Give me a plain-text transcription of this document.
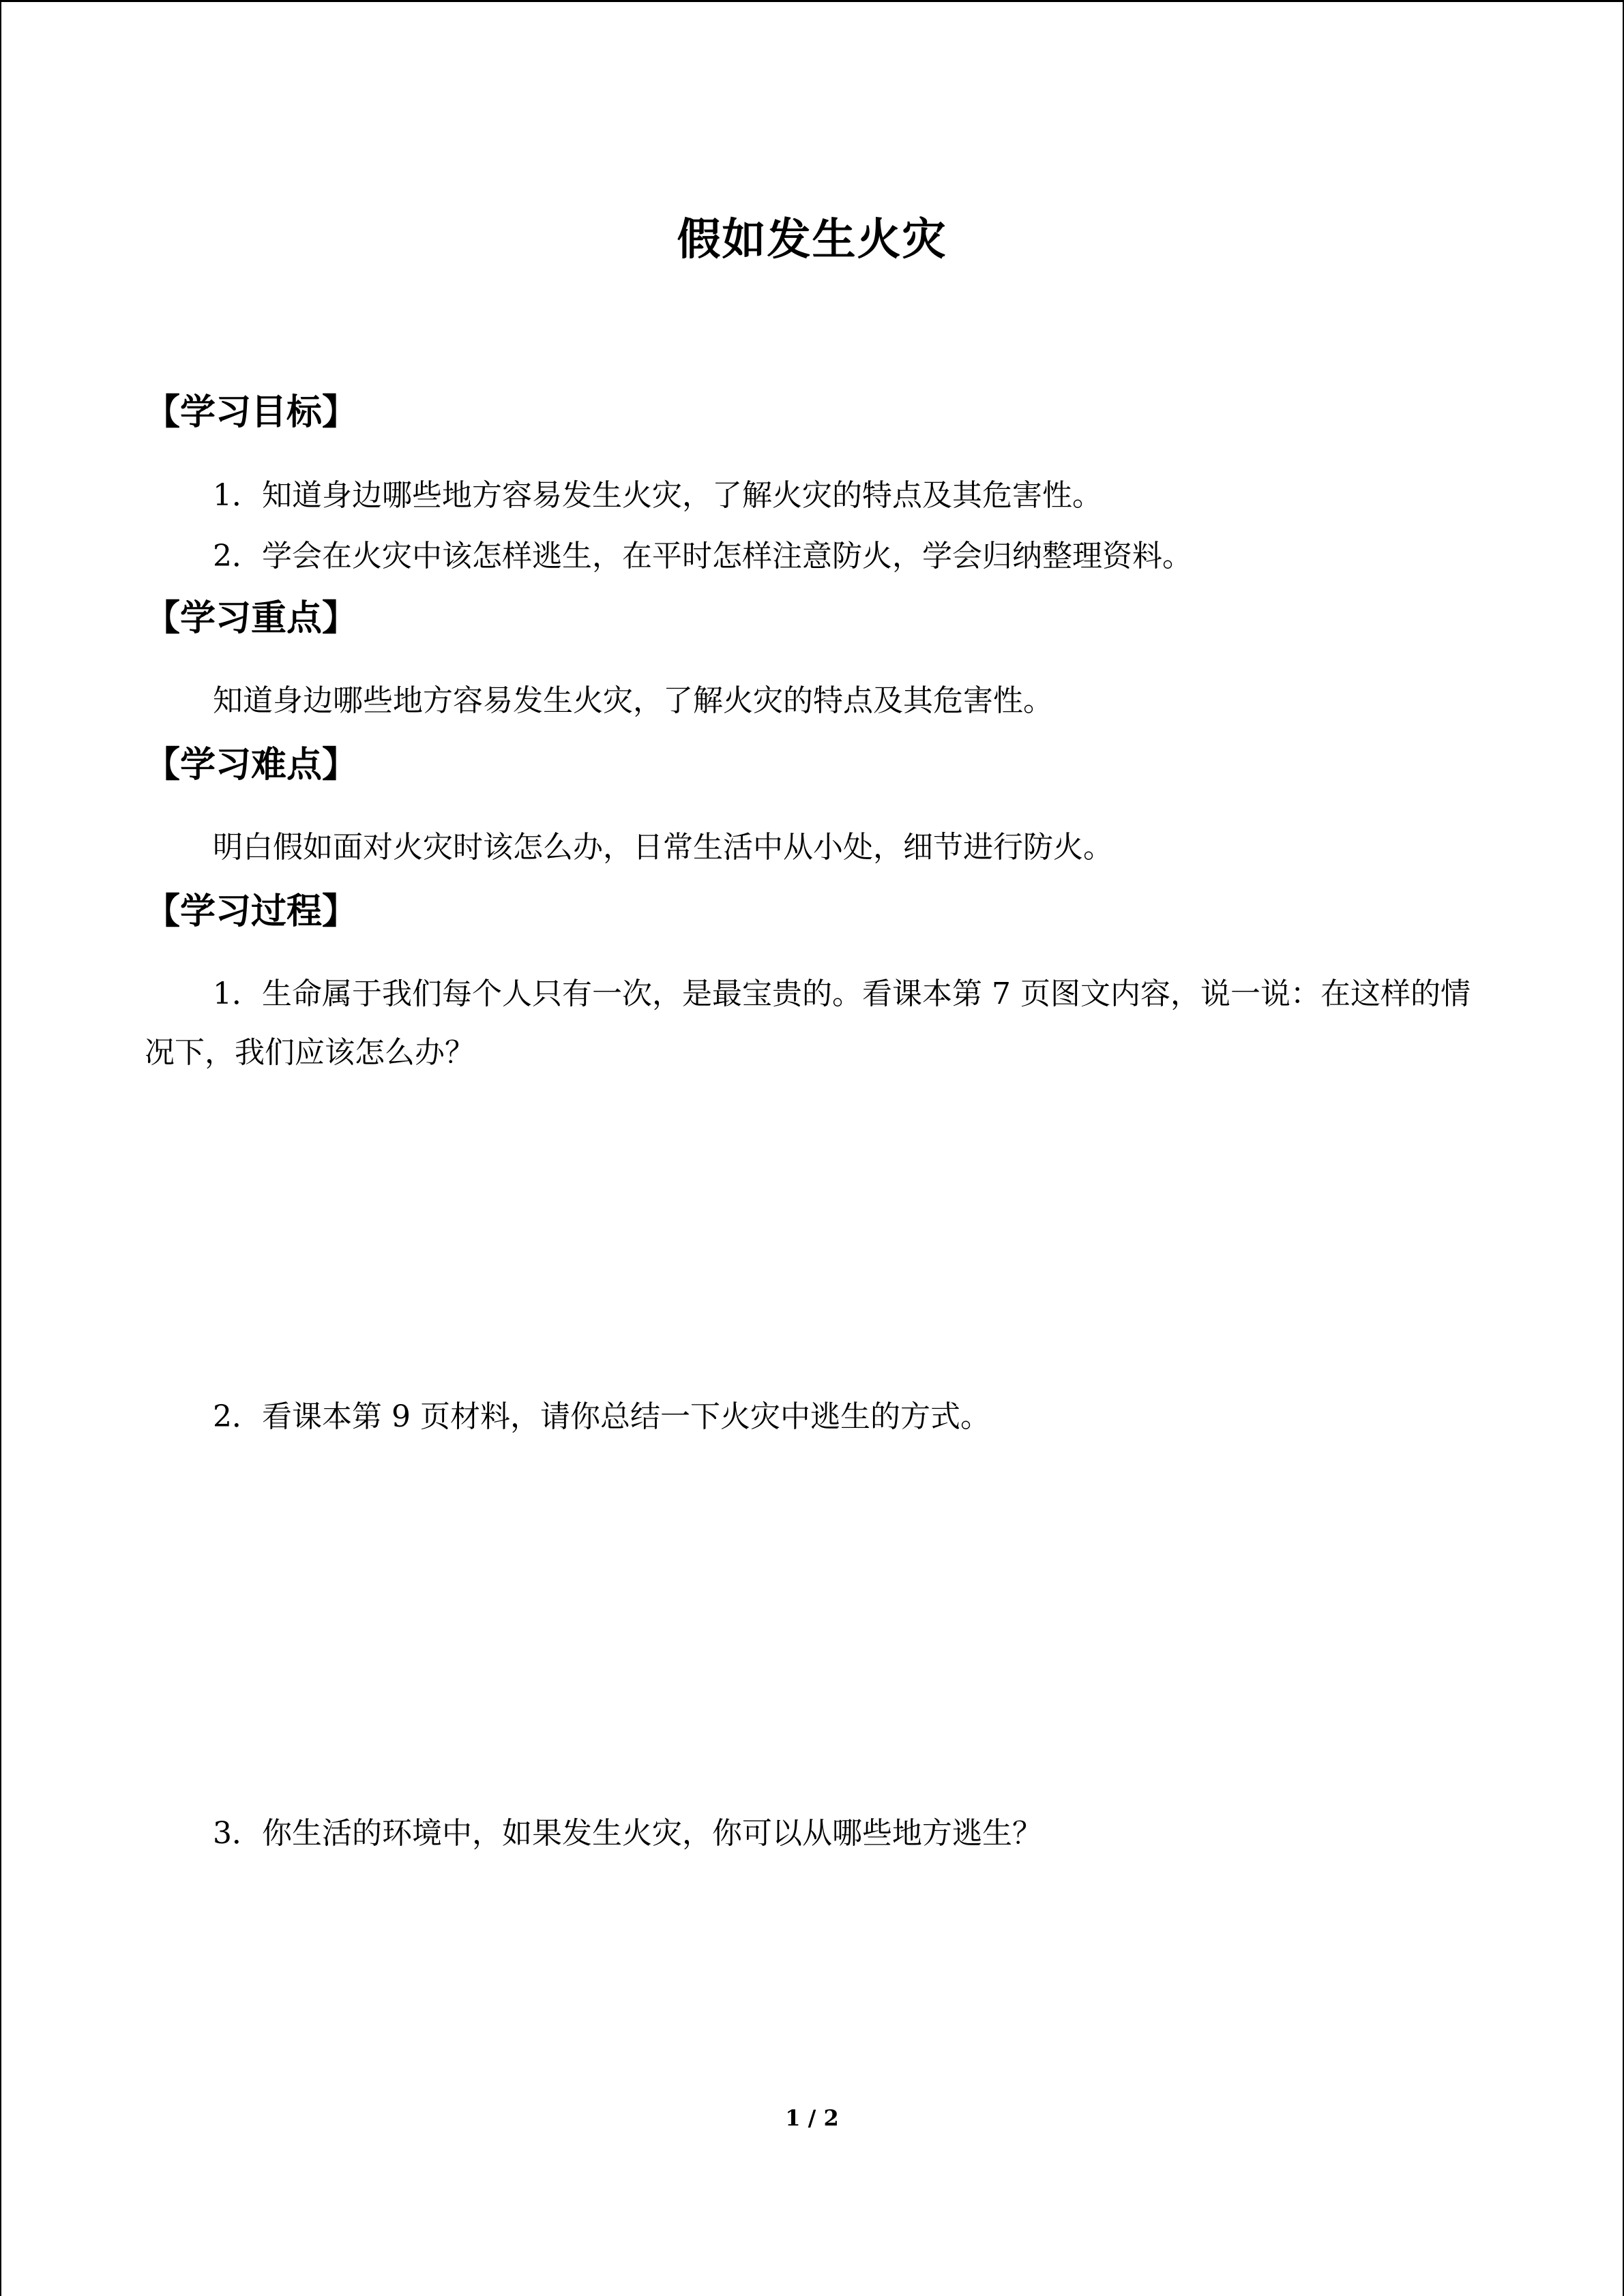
假如发生火灾
【学习目标】
1．知道身边哪些地方容易发生火灾，了解火灾的特点及其危害性。
2．学会在火灾中该怎样逃生，在平时怎样注意防火，学会归纳整理资料。
【学习重点】
知道身边哪些地方容易发生火灾，了解火灾的特点及其危害性。
【学习难点】
明白假如面对火灾时该怎么办，日常生活中从小处，细节进行防火。
【学习过程】
1．生命属于我们每个人只有一次，是最宝贵的。看课本第 7 页图文内容，说一说：在这样的情况下，我们应该怎么办？
2．看课本第 9 页材料，请你总结一下火灾中逃生的方式。
3．你生活的环境中，如果发生火灾，你可以从哪些地方逃生？
1 / 2
